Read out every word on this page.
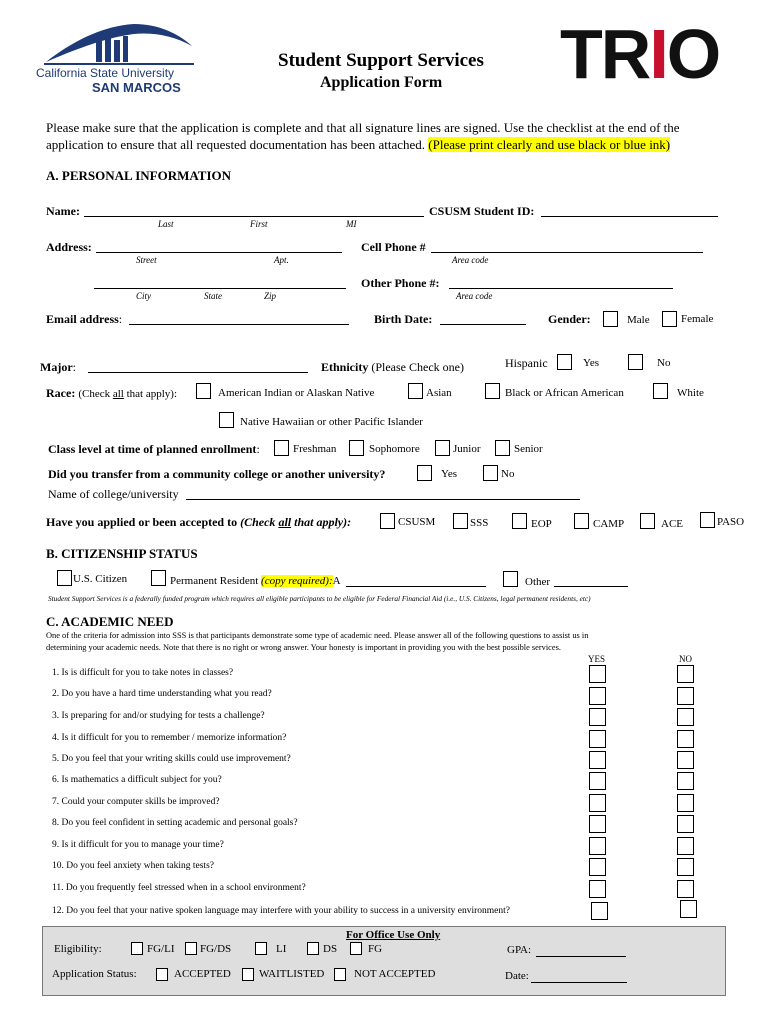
California State University
SAN MARCOS
Student Support Services
Application Form TRIO
Please make sure that the application is complete and that all signature lines are signed. Use the checklist at the end of the
application to ensure that all requested documentation has been attached. (Please print clearly and use black or blue ink)
A. PERSONAL INFORMATION
Name:
Last	First	MI
CSUSM Student ID:
Address:
Street	Apt.
Cell Phone #
Area code
City	State	Zip
Other Phone #:
Area code
Email address:	Birth Date:	Gender:	Male	Female
Major:	Ethnicity (Please Check one)	Hispanic	Yes	No
Race: (Check all that apply):	American Indian or Alaskan Native	Asian	Black or African American	White
Native Hawaiian or other Pacific Islander
Class level at time of planned enrollment:	Freshman	Sophomore	Junior	Senior
Did you transfer from a community college or another university?	Yes	No
Name of college/university
Have you applied or been accepted to (Check all that apply):	CSUSM	SSS	EOP	CAMP	ACE	PASO
B. CITIZENSHIP STATUS
U.S. Citizen	Permanent Resident (copy required):A	Other
Student Support Services is a federally funded program which requires all eligible participants to be eligible for Federal Financial Aid (i.e., U.S. Citizens, legal permanent residents, etc)
C. ACADEMIC NEED
One of the criteria for admission into SSS is that participants demonstrate some type of academic need. Please answer all of the following questions to assist us in
determining your academic needs. Note that there is no right or wrong answer. Your honesty is important in providing you with the best possible services.
YES	NO
1. Is is difficult for you to take notes in classes?
2. Do you have a hard time understanding what you read?
3. Is preparing for and/or studying for tests a challenge?
4. Is it difficult for you to remember / memorize information?
5. Do you feel that your writing skills could use improvement?
6. Is mathematics a difficult subject for you?
7. Could your computer skills be improved?
8. Do you feel confident in setting academic and personal goals?
9. Is it difficult for you to manage your time?
10. Do you feel anxiety when taking tests?
11. Do you frequently feel stressed when in a school environment?
12. Do you feel that your native spoken language may interfere with your ability to success in a university environment?
For Office Use Only
Eligibility:	FG/LI FG/DS	LI	DS	FG	GPA:
Application Status:	ACCEPTED	WAITLISTED	NOT ACCEPTED	Date:
